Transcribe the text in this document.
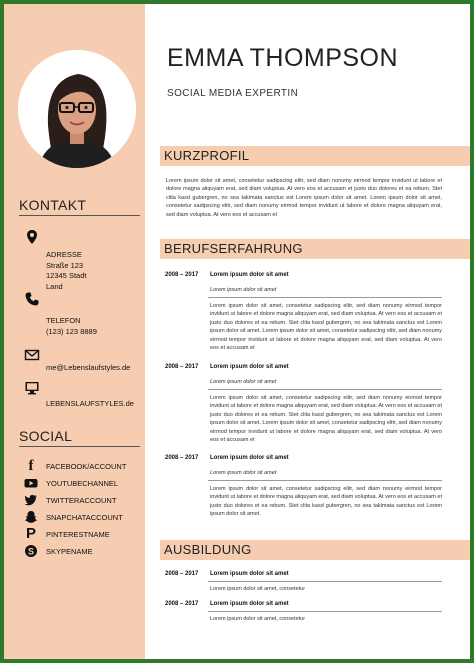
KONTAKT
ADRESSE
Straße 123
12345 Stadt
Land
TELEFON
(123) 123 8889
me@Lebenslaufstyles.de
LEBENSLAUFSTYLES.de
SOCIAL
f	FACEBOOK/ACCOUNT
YOUTUBECHANNEL
TWITTERACCOUNT
SNAPCHATACCOUNT
P PINTERESTNAME
S SKYPENAME
EMMA THOMPSON
SOCIAL MEDIA EXPERTIN
KURZPROFIL
Lorem ipsum dolor sit amet, consetetur sadipscing elitr, sed diam nonumy eirmod tempor invidunt ut labore et dolore magna aliquyam erat, sed diam voluptua. At vero eos et accusam et justo duo dolores et ea rebum. Stet clita kasd gubergren, no sea takimata sanctus est Lorem ipsum dolor sit amet. Lorem ipsum dolor sit amet, consetetur sadipscing elitr, sed diam nonumy eirmod tempor invidunt ut labore et dolore magna aliquyam erat, sed diam voluptua. At vero eos et accusam et
BERUFSERFAHRUNG
2008 – 2017 Lorem ipsum dolor sit amet
Lorem ipsum dolor sit amet
Lorem ipsum dolor sit amet, consetetur sadipscing elitr, sed diam nonumy eirmod tempor invidunt ut labore et dolore magna aliquyam erat, sed diam voluptua. At vero eos et accusam et justo duo dolores et ea rebum. Stet clita kasd gubergren, no sea takimata sanctus est Lorem ipsum dolor sit amet. Lorem ipsum dolor sit amet, consetetur sadipscing elitr, sed diam nonumy eirmod tempor invidunt ut labore et dolore magna aliquyam erat, sed diam voluptua. At vero eos et accusam et
2008 – 2017 Lorem ipsum dolor sit amet
Lorem ipsum dolor sit amet
Lorem ipsum dolor sit amet, consetetur sadipscing elitr, sed diam nonumy eirmod tempor invidunt ut labore et dolore magna aliquyam erat, sed diam voluptua. At vero eos et accusam et justo duo dolores et ea rebum. Stet clita kasd gubergren, no sea takimata sanctus est Lorem ipsum dolor sit amet. Lorem ipsum dolor sit amet, consetetur sadipscing elitr, sed diam nonumy eirmod tempor invidunt ut labore et dolore magna aliquyam erat, sed diam voluptua. At vero eos et accusam et
2008 – 2017 Lorem ipsum dolor sit amet
Lorem ipsum dolor sit amet
Lorem ipsum dolor sit amet, consetetur sadipscing elitr, sed diam nonumy eirmod tempor invidunt ut labore et dolore magna aliquyam erat, sed diam voluptua. At vero eos et accusam et justo duo dolores et ea rebum. Stet clita kasd gubergren, no sea takimata sanctus est Lorem ipsum dolor sit amet.
AUSBILDUNG
2008 – 2017 Lorem ipsum dolor sit amet
Lorem ipsum dolor sit amet, consetetur
2008 – 2017 Lorem ipsum dolor sit amet
Lorem ipsum dolor sit amet, consetetur
